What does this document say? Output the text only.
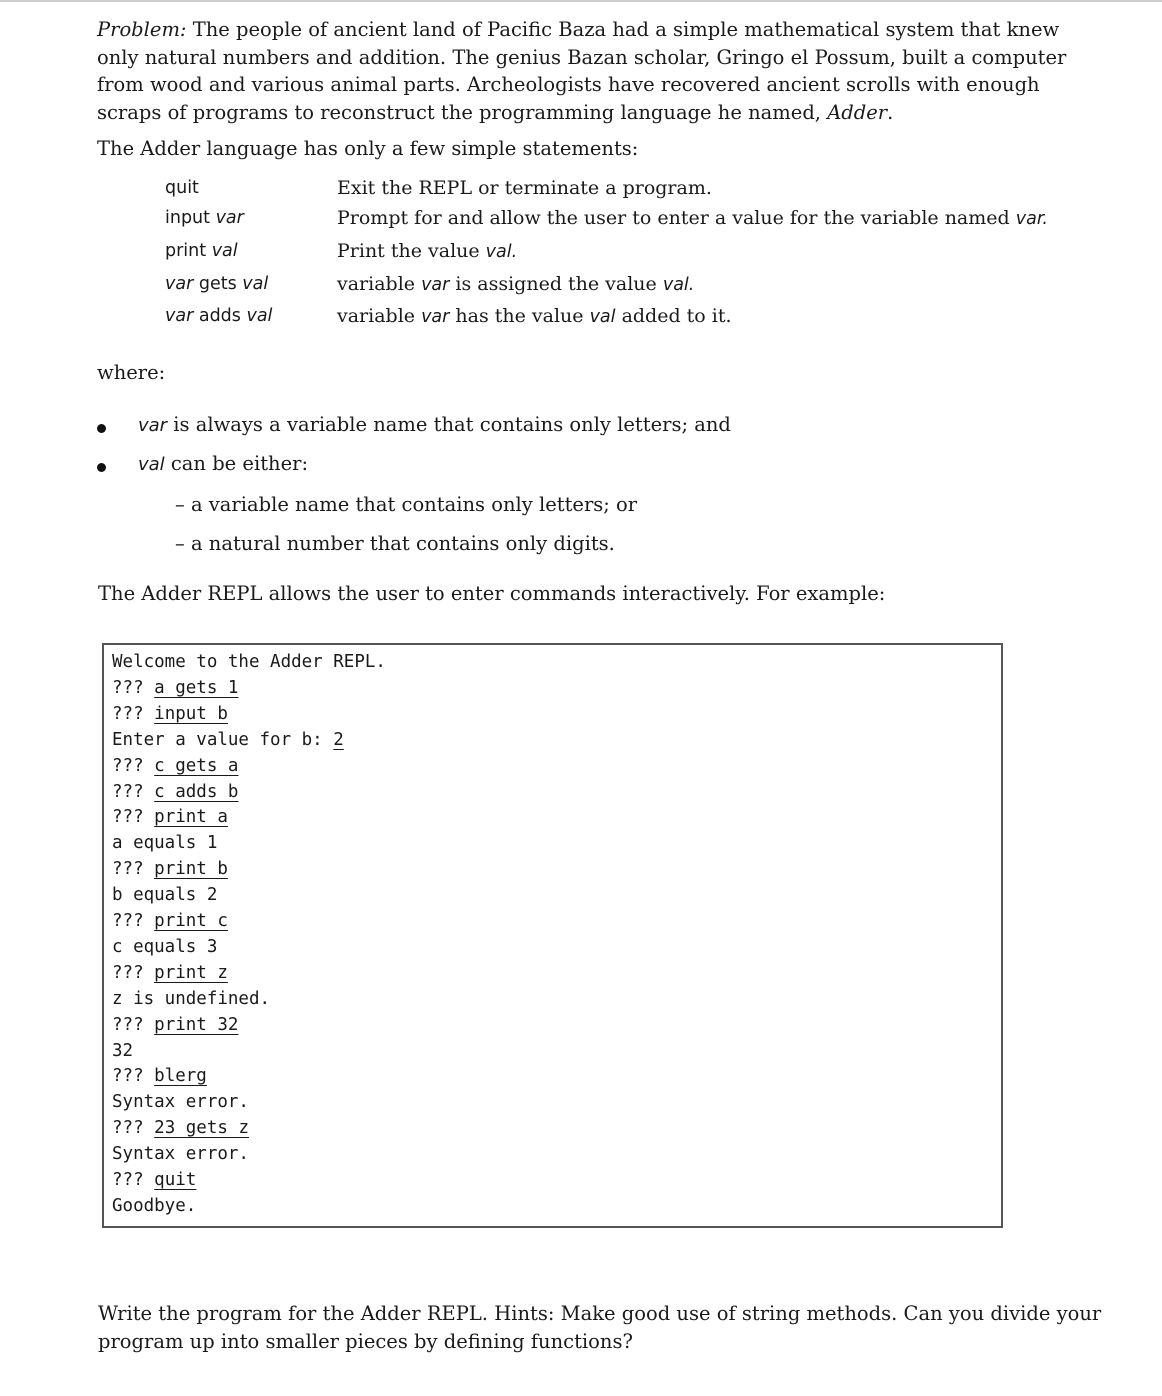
Problem: The people of ancient land of Pacific Baza had a simple mathematical system that knew only natural numbers and addition. The genius Bazan scholar, Gringo el Possum, built a computer from wood and various animal parts. Archeologists have recovered ancient scrolls with enough scraps of programs to reconstruct the programming language he named, Adder.

The Adder language has only a few simple statements:

quit	Exit the REPL or terminate a program.
input var	Prompt for and allow the user to enter a value for the variable named var.
print val	Print the value val.
var gets val	variable var is assigned the value val.
var adds val	variable var has the value val added to it.
where:
var is always a variable name that contains only letters; and
val can be either:
– a variable name that contains only letters; or
– a natural number that contains only digits.
The Adder REPL allows the user to enter commands interactively. For example:
Welcome to the Adder REPL.
??? a gets 1
??? input b
Enter a value for b: 2
??? c gets a
??? c adds b
??? print a
a equals 1
??? print b
b equals 2
??? print c
c equals 3
??? print z
z is undefined.
??? print 32
32
??? blerg
Syntax error.
??? 23 gets z
Syntax error.
??? quit
Goodbye.

Write the program for the Adder REPL. Hints: Make good use of string methods. Can you divide your program up into smaller pieces by defining functions?
